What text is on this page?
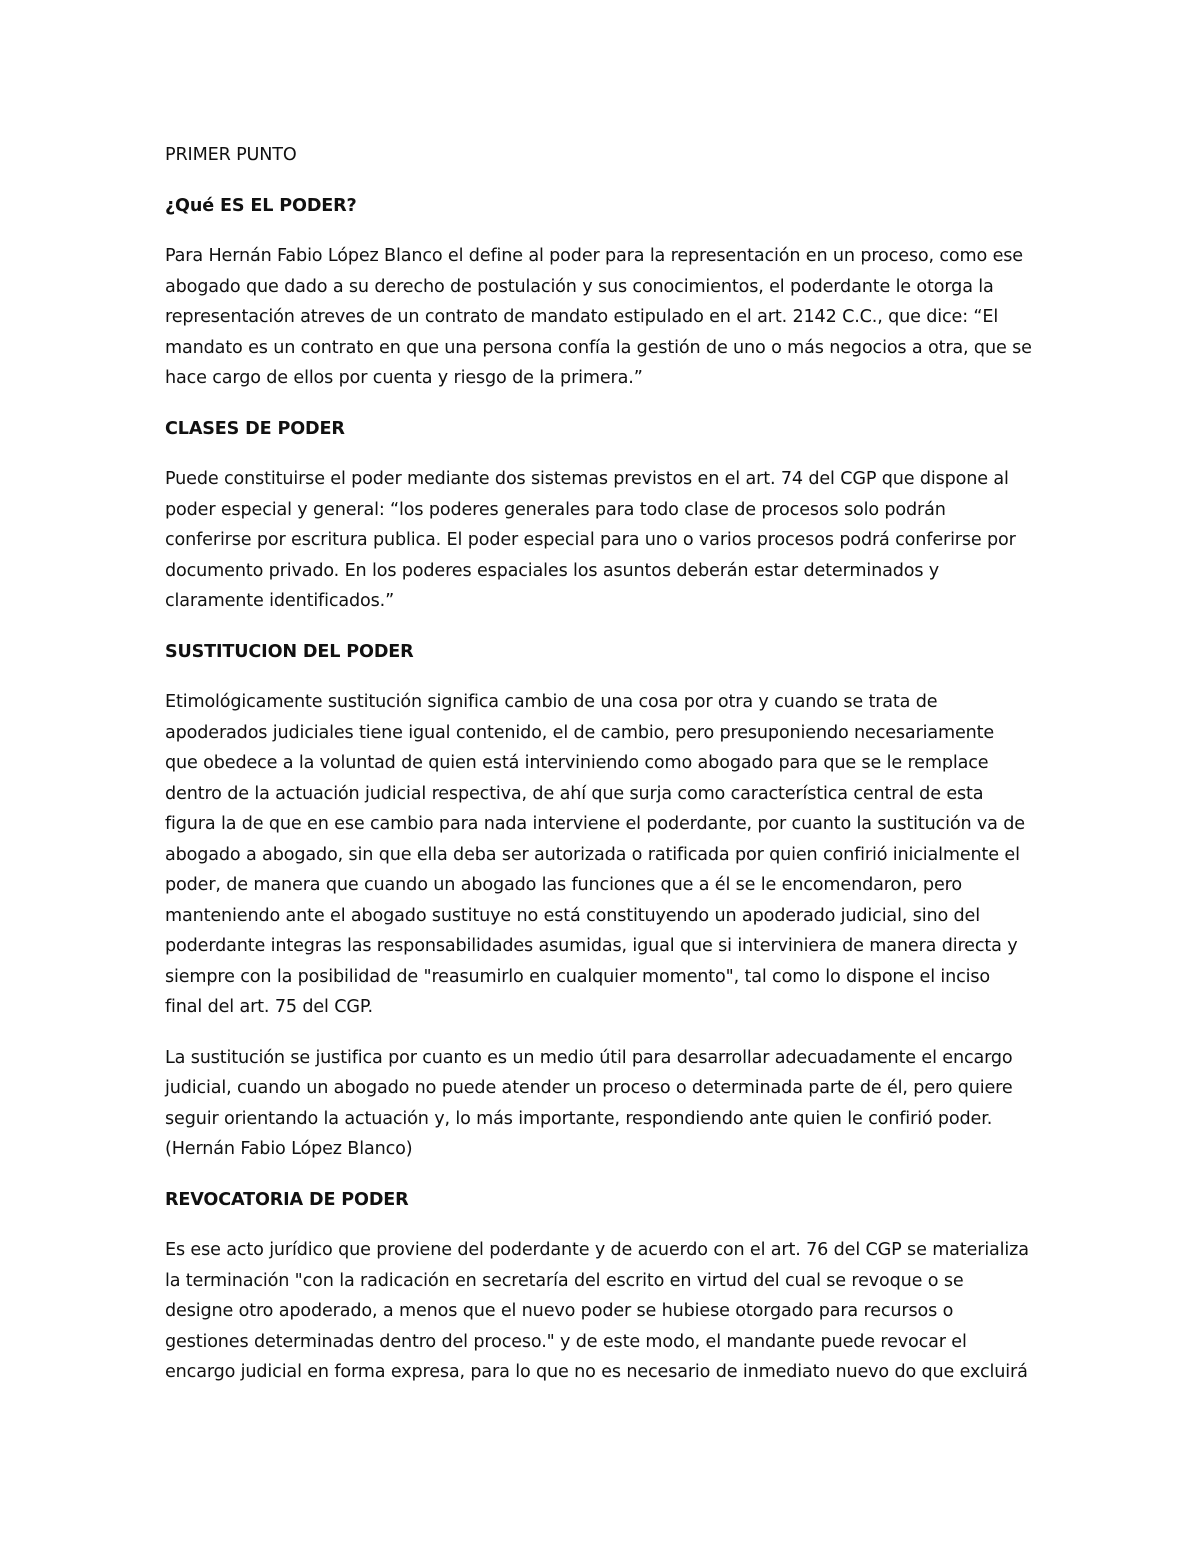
PRIMER PUNTO

¿Qué ES EL PODER?

Para Hernán Fabio López Blanco el define al poder para la representación en un proceso, como ese
abogado que dado a su derecho de postulación y sus conocimientos, el poderdante le otorga la
representación atreves de un contrato de mandato estipulado en el art. 2142 C.C., que dice: “El
mandato es un contrato en que una persona confía la gestión de uno o más negocios a otra, que se
hace cargo de ellos por cuenta y riesgo de la primera.”

CLASES DE PODER

Puede constituirse el poder mediante dos sistemas previstos en el art. 74 del CGP que dispone al
poder especial y general: “los poderes generales para todo clase de procesos solo podrán
conferirse por escritura publica. El poder especial para uno o varios procesos podrá conferirse por
documento privado. En los poderes espaciales los asuntos deberán estar determinados y
claramente identificados.”

SUSTITUCION DEL PODER

Etimológicamente sustitución significa cambio de una cosa por otra y cuando se trata de
apoderados judiciales tiene igual contenido, el de cambio, pero presuponiendo necesariamente
que obedece a la voluntad de quien está interviniendo como abogado para que se le remplace
dentro de la actuación judicial respectiva, de ahí que surja como característica central de esta
figura la de que en ese cambio para nada interviene el poderdante, por cuanto la sustitución va de
abogado a abogado, sin que ella deba ser autorizada o ratificada por quien confirió inicialmente el
poder, de manera que cuando un abogado las funciones que a él se le encomendaron, pero
manteniendo ante el abogado sustituye no está constituyendo un apoderado judicial, sino del
poderdante integras las responsabilidades asumidas, igual que si interviniera de manera directa y
siempre con la posibilidad de "reasumirlo en cualquier momento", tal como lo dispone el inciso
final del art. 75 del CGP.

La sustitución se justifica por cuanto es un medio útil para desarrollar adecuadamente el encargo
judicial, cuando un abogado no puede atender un proceso o determinada parte de él, pero quiere
seguir orientando la actuación y, lo más importante, respondiendo ante quien le confirió poder.
(Hernán Fabio López Blanco)

REVOCATORIA DE PODER

Es ese acto jurídico que proviene del poderdante y de acuerdo con el art. 76 del CGP se materializa
la terminación "con la radicación en secretaría del escrito en virtud del cual se revoque o se
designe otro apoderado, a menos que el nuevo poder se hubiese otorgado para recursos o
gestiones determinadas dentro del proceso." y de este modo, el mandante puede revocar el
encargo judicial en forma expresa, para lo que no es necesario de inmediato nuevo do que excluirá
